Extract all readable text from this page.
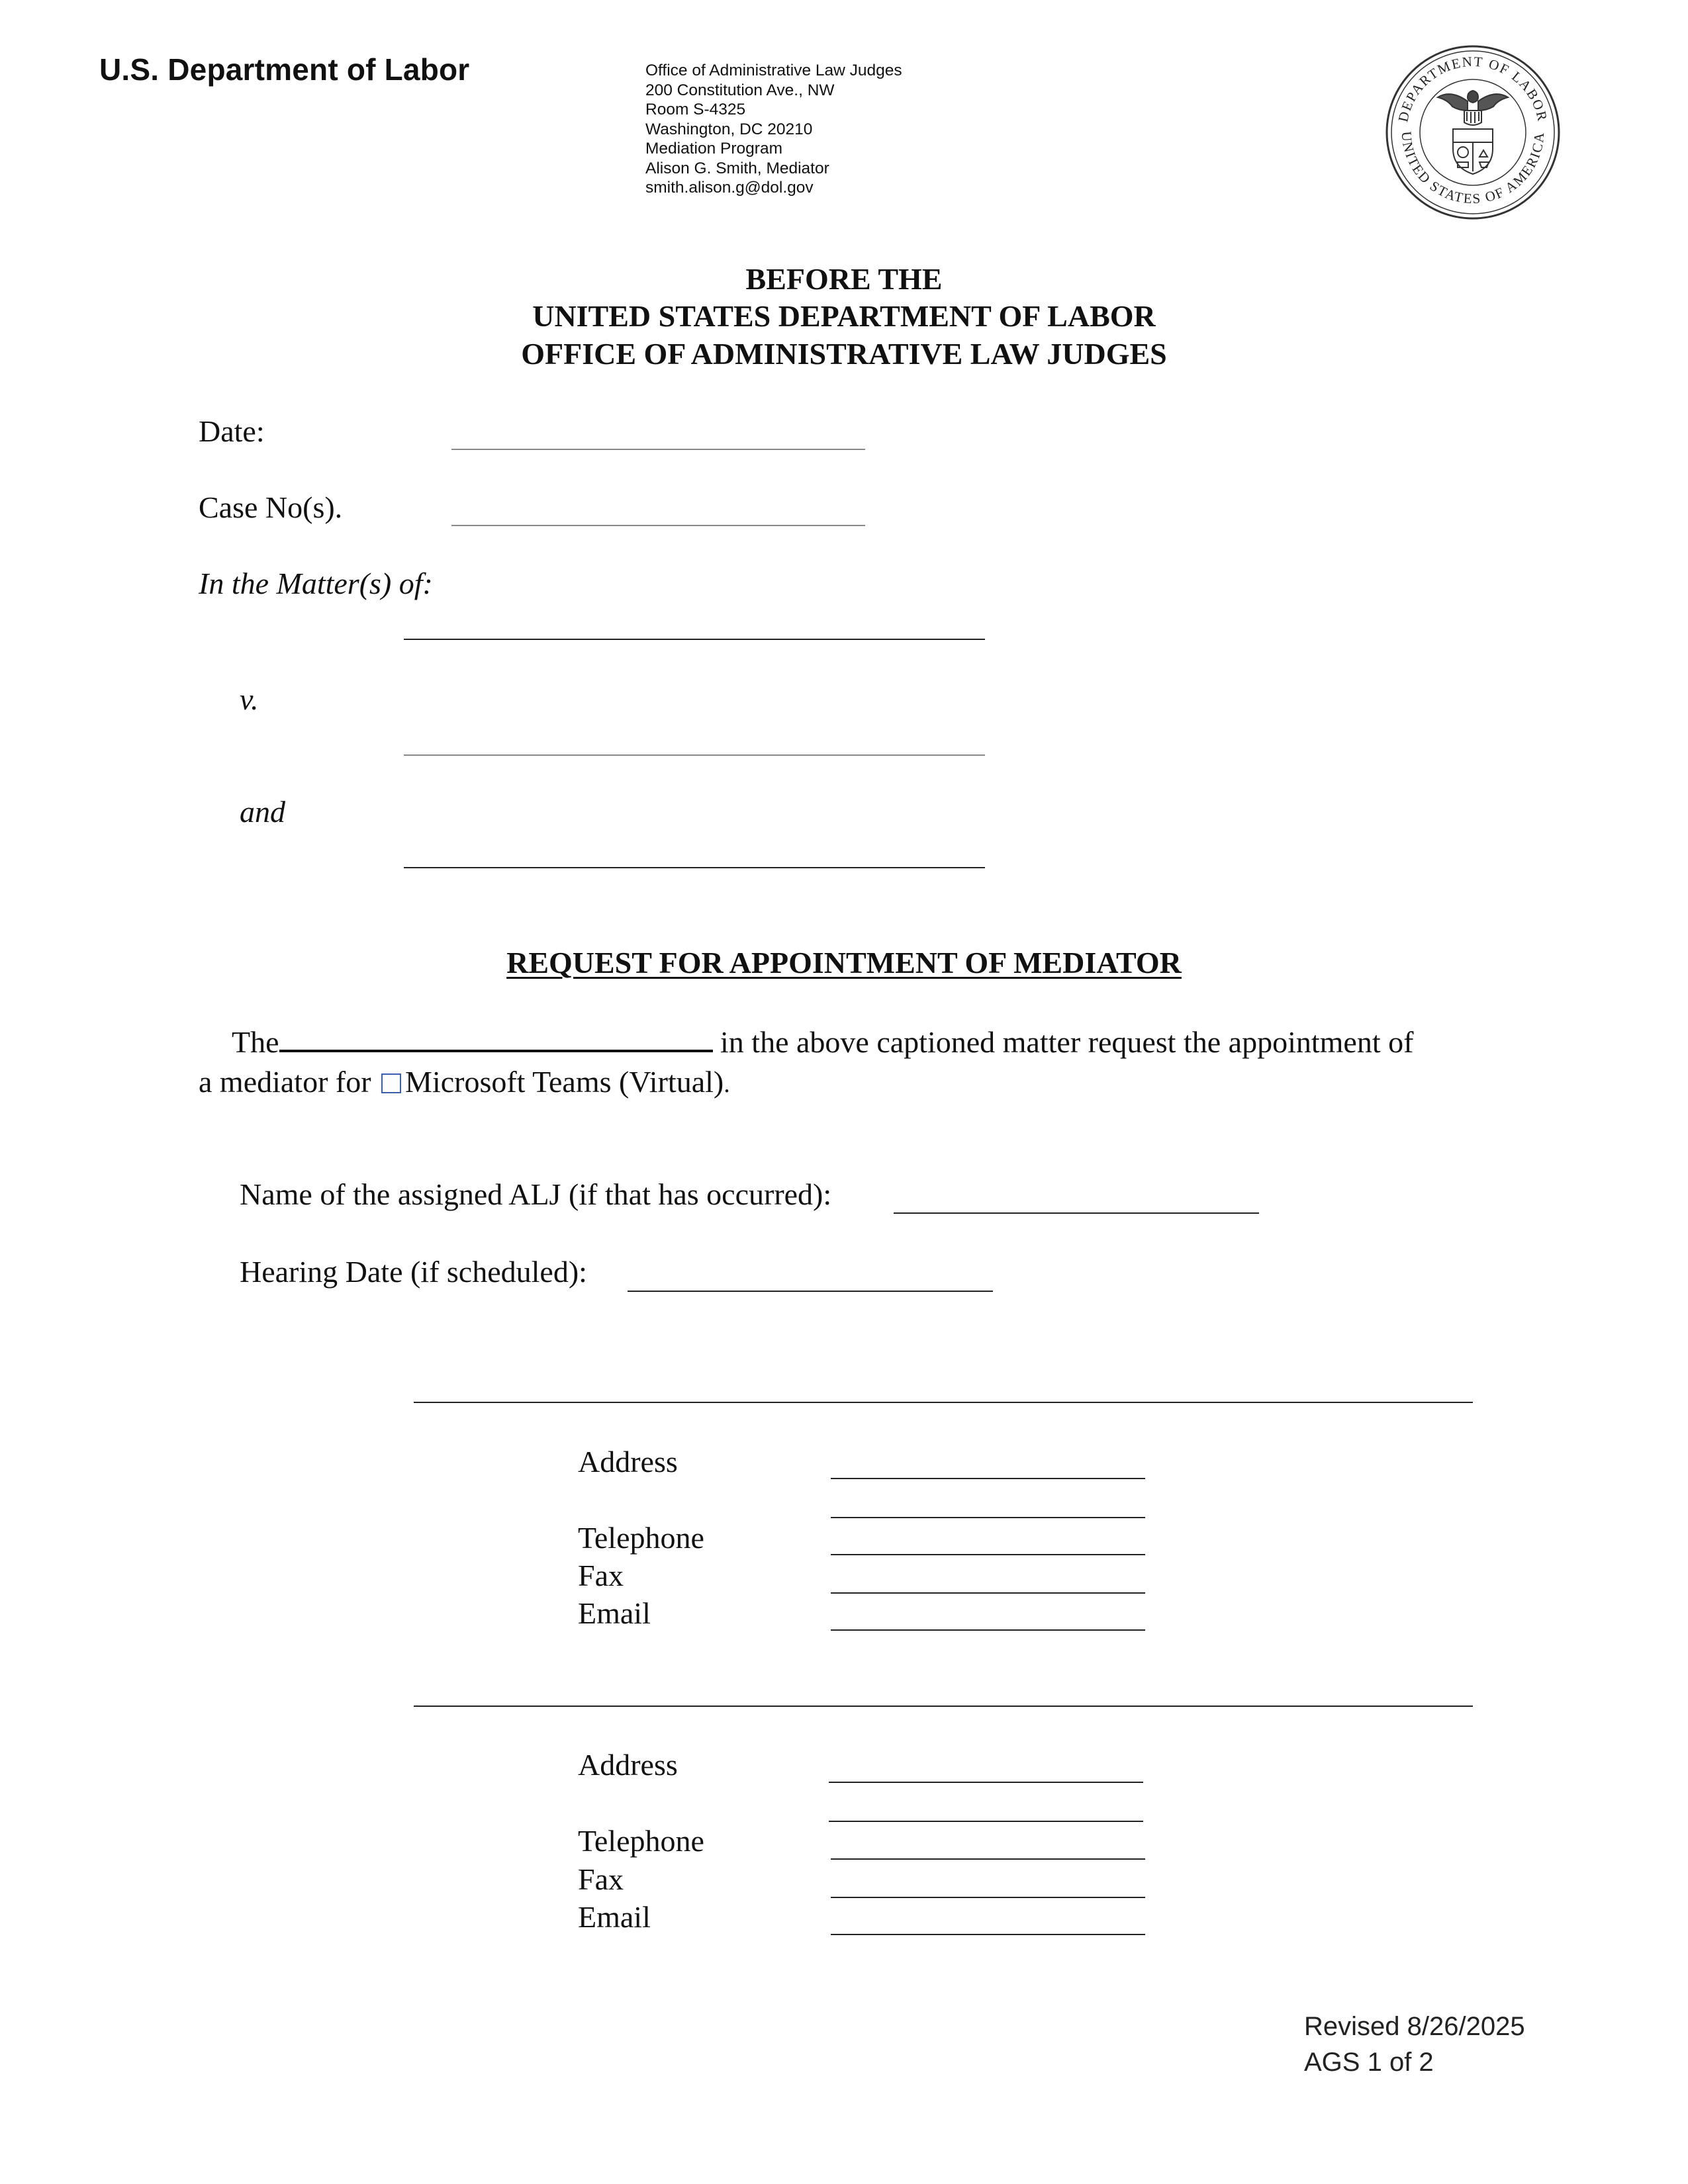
U.S. Department of Labor	Office of Administrative Law Judges
200 Constitution Ave., NW
Room S-4325
Washington, DC 20210
Mediation Program
Alison G. Smith, Mediator
smith.alison.g@dol.gov
DEPARTMENT OF LABOR
UNITED STATES OF AMERICA
BEFORE THE
UNITED STATES DEPARTMENT OF LABOR
OFFICE OF ADMINISTRATIVE LAW JUDGES
Date:
Case No(s).
In the Matter(s) of:
v.
and
REQUEST FOR APPOINTMENT OF MEDIATOR
The	in the above captioned matter request the appointment of
a mediator for Microsoft Teams (Virtual).
Name of the assigned ALJ (if that has occurred):
Hearing Date (if scheduled):
Address
Telephone
Fax
Email
Address
Telephone
Fax
Email
Revised 8/26/2025
AGS 1 of 2
